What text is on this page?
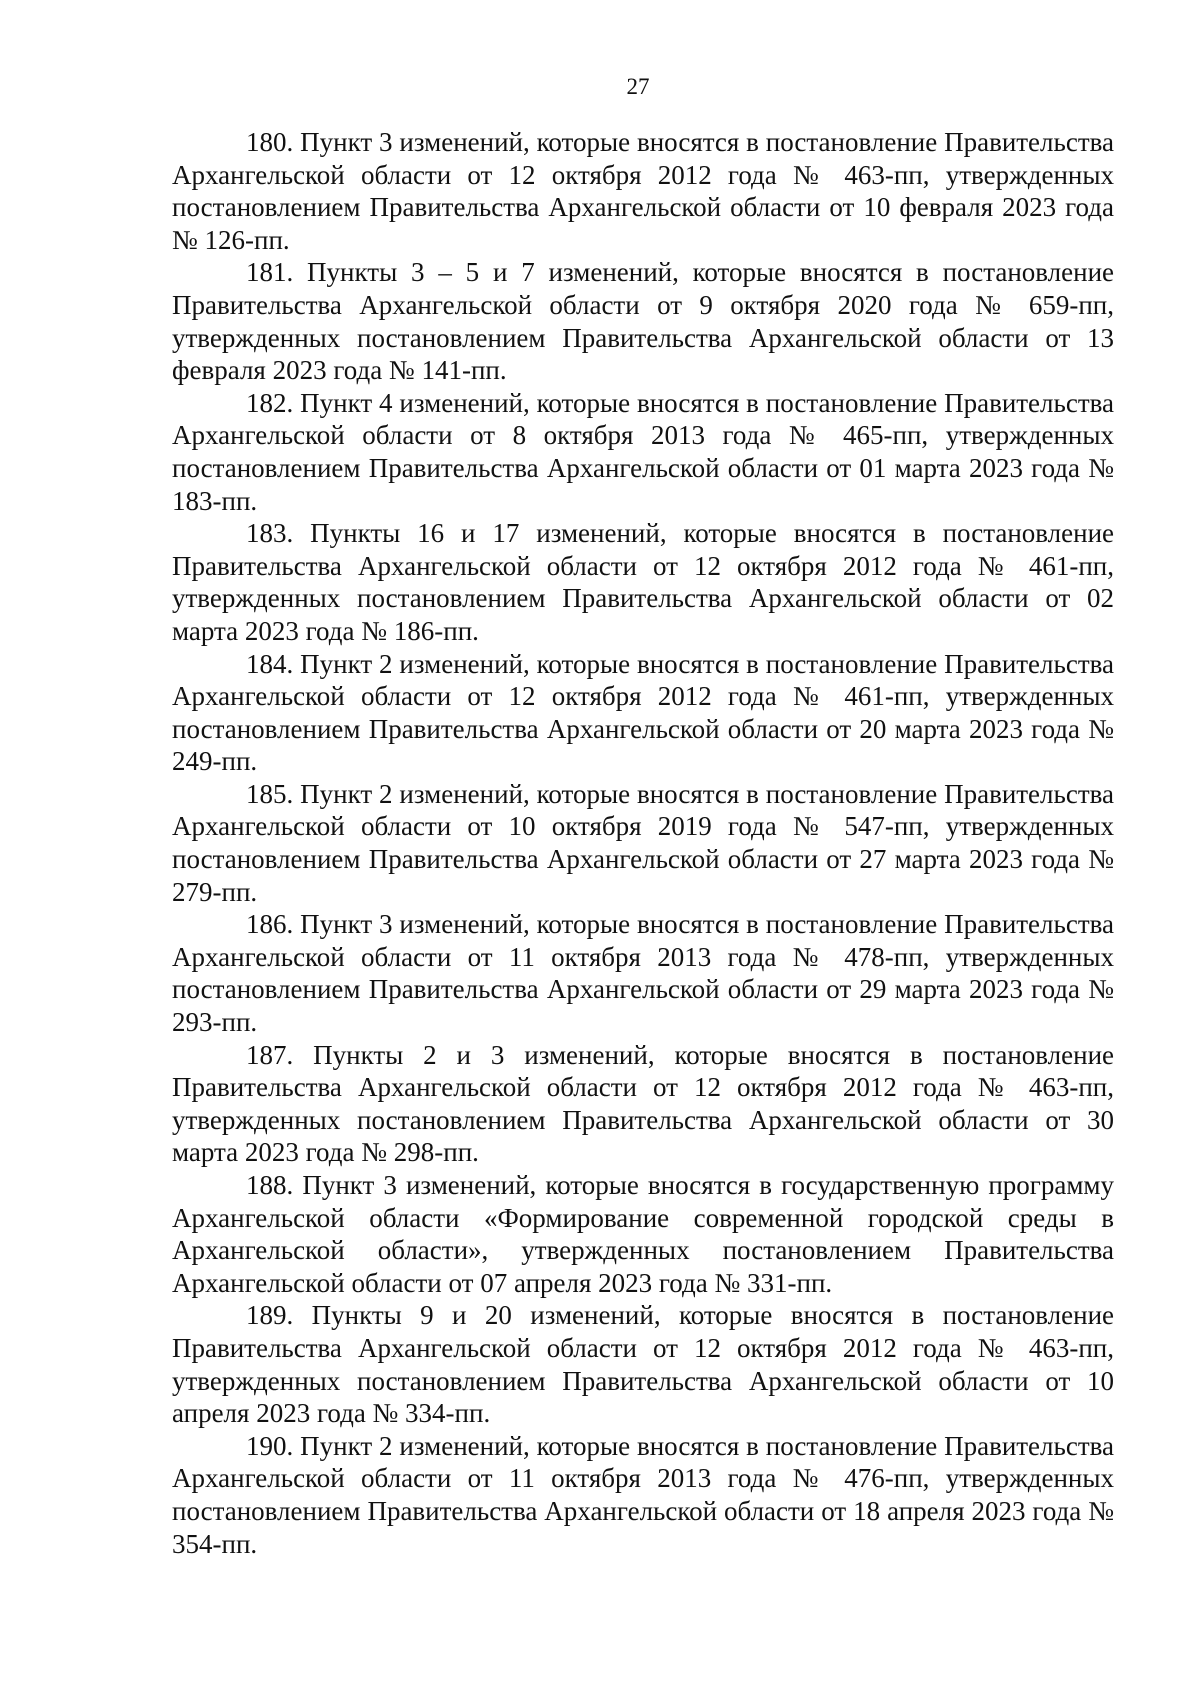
27

180. Пункт 3 изменений, которые вносятся в постановление Правительства Архангельской области от 12 октября 2012 года № 463-пп, утвержденных постановлением Правительства Архангельской области от 10 февраля 2023 года № 126-пп.

181. Пункты 3 – 5 и 7 изменений, которые вносятся в постановление Правительства Архангельской области от 9 октября 2020 года № 659-пп, утвержденных постановлением Правительства Архангельской области от 13 февраля 2023 года № 141-пп.

182. Пункт 4 изменений, которые вносятся в постановление Правительства Архангельской области от 8 октября 2013 года № 465-пп, утвержденных постановлением Правительства Архангельской области от 01 марта 2023 года № 183-пп.

183. Пункты 16 и 17 изменений, которые вносятся в постановление Правительства Архангельской области от 12 октября 2012 года № 461-пп, утвержденных постановлением Правительства Архангельской области от 02 марта 2023 года № 186-пп.

184. Пункт 2 изменений, которые вносятся в постановление Правительства Архангельской области от 12 октября 2012 года № 461-пп, утвержденных постановлением Правительства Архангельской области от 20 марта 2023 года № 249-пп.

185. Пункт 2 изменений, которые вносятся в постановление Правительства Архангельской области от 10 октября 2019 года № 547-пп, утвержденных постановлением Правительства Архангельской области от 27 марта 2023 года № 279-пп.

186. Пункт 3 изменений, которые вносятся в постановление Правительства Архангельской области от 11 октября 2013 года № 478-пп, утвержденных постановлением Правительства Архангельской области от 29 марта 2023 года № 293-пп.

187. Пункты 2 и 3 изменений, которые вносятся в постановление Правительства Архангельской области от 12 октября 2012 года № 463-пп, утвержденных постановлением Правительства Архангельской области от 30 марта 2023 года № 298-пп.

188. Пункт 3 изменений, которые вносятся в государственную программу Архангельской области «Формирование современной городской среды в Архангельской области», утвержденных постановлением Правительства Архангельской области от 07 апреля 2023 года № 331-пп.

189. Пункты 9 и 20 изменений, которые вносятся в постановление Правительства Архангельской области от 12 октября 2012 года № 463-пп, утвержденных постановлением Правительства Архангельской области от 10 апреля 2023 года № 334-пп.

190. Пункт 2 изменений, которые вносятся в постановление Правительства Архангельской области от 11 октября 2013 года № 476-пп, утвержденных постановлением Правительства Архангельской области от 18 апреля 2023 года № 354-пп.
